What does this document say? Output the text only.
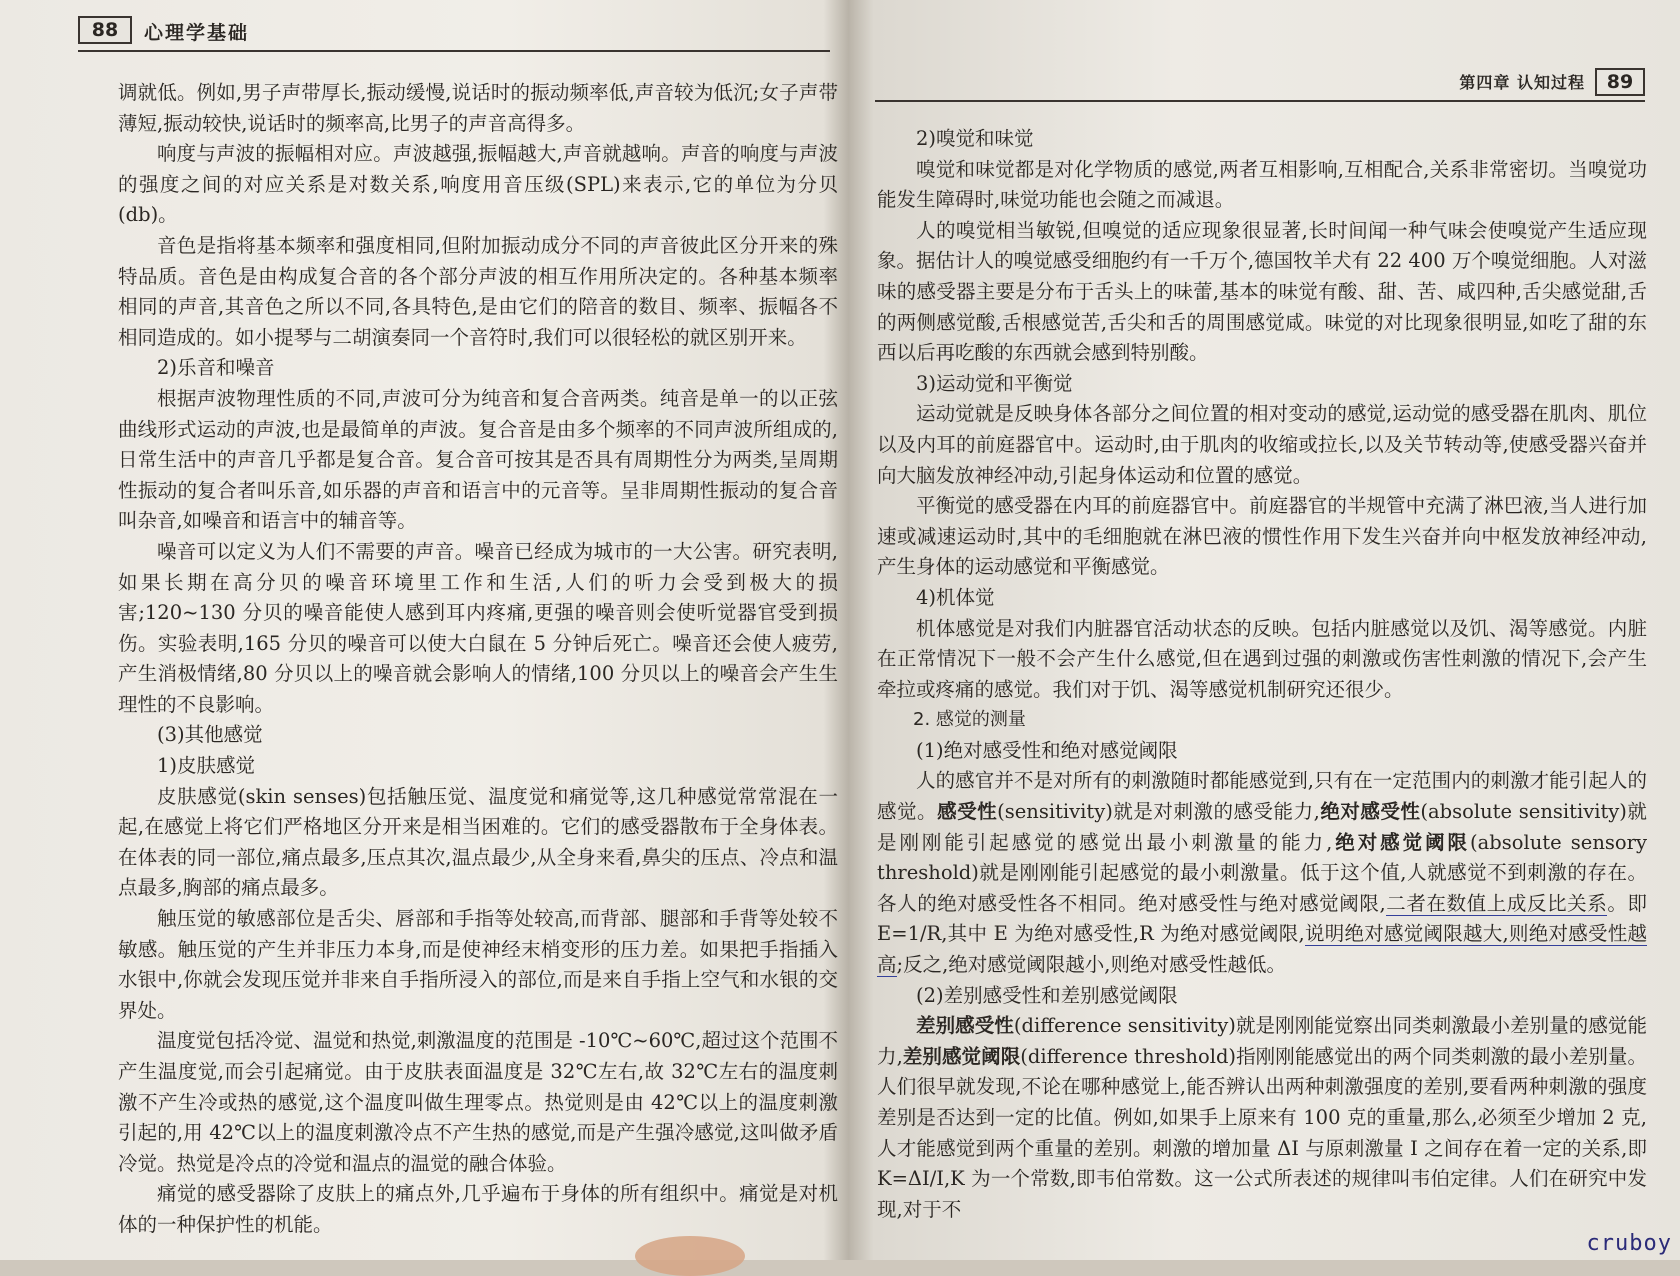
88	心理学基础

调就低。例如,男子声带厚长,振动缓慢,说话时的振动频率低,声音较为低沉;女子声带薄短,振动较快,说话时的频率高,比男子的声音高得多。

响度与声波的振幅相对应。声波越强,振幅越大,声音就越响。声音的响度与声波的强度之间的对应关系是对数关系,响度用音压级(SPL)来表示,它的单位为分贝(db)。

音色是指将基本频率和强度相同,但附加振动成分不同的声音彼此区分开来的殊特品质。音色是由构成复合音的各个部分声波的相互作用所决定的。各种基本频率相同的声音,其音色之所以不同,各具特色,是由它们的陪音的数目、频率、振幅各不相同造成的。如小提琴与二胡演奏同一个音符时,我们可以很轻松的就区别开来。

2)乐音和噪音

根据声波物理性质的不同,声波可分为纯音和复合音两类。纯音是单一的以正弦曲线形式运动的声波,也是最简单的声波。复合音是由多个频率的不同声波所组成的,日常生活中的声音几乎都是复合音。复合音可按其是否具有周期性分为两类,呈周期性振动的复合者叫乐音,如乐器的声音和语言中的元音等。呈非周期性振动的复合音叫杂音,如噪音和语言中的辅音等。

噪音可以定义为人们不需要的声音。噪音已经成为城市的一大公害。研究表明,如果长期在高分贝的噪音环境里工作和生活,人们的听力会受到极大的损害;120~130 分贝的噪音能使人感到耳内疼痛,更强的噪音则会使听觉器官受到损伤。实验表明,165 分贝的噪音可以使大白鼠在 5 分钟后死亡。噪音还会使人疲劳,产生消极情绪,80 分贝以上的噪音就会影响人的情绪,100 分贝以上的噪音会产生生理性的不良影响。

(3)其他感觉

1)皮肤感觉

皮肤感觉(skin senses)包括触压觉、温度觉和痛觉等,这几种感觉常常混在一起,在感觉上将它们严格地区分开来是相当困难的。它们的感受器散布于全身体表。在体表的同一部位,痛点最多,压点其次,温点最少,从全身来看,鼻尖的压点、冷点和温点最多,胸部的痛点最多。

触压觉的敏感部位是舌尖、唇部和手指等处较高,而背部、腿部和手背等处较不敏感。触压觉的产生并非压力本身,而是使神经末梢变形的压力差。如果把手指插入水银中,你就会发现压觉并非来自手指所浸入的部位,而是来自手指上空气和水银的交界处。

温度觉包括冷觉、温觉和热觉,刺激温度的范围是 -10℃~60℃,超过这个范围不产生温度觉,而会引起痛觉。由于皮肤表面温度是 32℃左右,故 32℃左右的温度刺激不产生冷或热的感觉,这个温度叫做生理零点。热觉则是由 42℃以上的温度刺激引起的,用 42℃以上的温度刺激冷点不产生热的感觉,而是产生强冷感觉,这叫做矛盾冷觉。热觉是冷点的冷觉和温点的温觉的融合体验。

痛觉的感受器除了皮肤上的痛点外,几乎遍布于身体的所有组织中。痛觉是对机体的一种保护性的机能。

第四章 认知过程	89

2)嗅觉和味觉

嗅觉和味觉都是对化学物质的感觉,两者互相影响,互相配合,关系非常密切。当嗅觉功能发生障碍时,味觉功能也会随之而减退。

人的嗅觉相当敏锐,但嗅觉的适应现象很显著,长时间闻一种气味会使嗅觉产生适应现象。据估计人的嗅觉感受细胞约有一千万个,德国牧羊犬有 22 400 万个嗅觉细胞。人对滋味的感受器主要是分布于舌头上的味蕾,基本的味觉有酸、甜、苦、咸四种,舌尖感觉甜,舌的两侧感觉酸,舌根感觉苦,舌尖和舌的周围感觉咸。味觉的对比现象很明显,如吃了甜的东西以后再吃酸的东西就会感到特别酸。

3)运动觉和平衡觉

运动觉就是反映身体各部分之间位置的相对变动的感觉,运动觉的感受器在肌肉、肌位以及内耳的前庭器官中。运动时,由于肌肉的收缩或拉长,以及关节转动等,使感受器兴奋并向大脑发放神经冲动,引起身体运动和位置的感觉。

平衡觉的感受器在内耳的前庭器官中。前庭器官的半规管中充满了淋巴液,当人进行加速或减速运动时,其中的毛细胞就在淋巴液的惯性作用下发生兴奋并向中枢发放神经冲动,产生身体的运动感觉和平衡感觉。

4)机体觉

机体感觉是对我们内脏器官活动状态的反映。包括内脏感觉以及饥、渴等感觉。内脏在正常情况下一般不会产生什么感觉,但在遇到过强的刺激或伤害性刺激的情况下,会产生牵拉或疼痛的感觉。我们对于饥、渴等感觉机制研究还很少。

2. 感觉的测量

(1)绝对感受性和绝对感觉阈限

人的感官并不是对所有的刺激随时都能感觉到,只有在一定范围内的刺激才能引起人的感觉。感受性(sensitivity)就是对刺激的感受能力,绝对感受性(absolute sensitivity)就是刚刚能引起感觉的感觉出最小刺激量的能力,绝对感觉阈限(absolute sensory threshold)就是刚刚能引起感觉的最小刺激量。低于这个值,人就感觉不到刺激的存在。各人的绝对感受性各不相同。绝对感受性与绝对感觉阈限,二者在数值上成反比关系。即 E=1/R,其中 E 为绝对感受性,R 为绝对感觉阈限,说明绝对感觉阈限越大,则绝对感受性越高;反之,绝对感觉阈限越小,则绝对感受性越低。

(2)差别感受性和差别感觉阈限

差别感受性(difference sensitivity)就是刚刚能觉察出同类刺激最小差别量的感觉能力,差别感觉阈限(difference threshold)指刚刚能感觉出的两个同类刺激的最小差别量。人们很早就发现,不论在哪种感觉上,能否辨认出两种刺激强度的差别,要看两种刺激的强度差别是否达到一定的比值。例如,如果手上原来有 100 克的重量,那么,必须至少增加 2 克,人才能感觉到两个重量的差别。刺激的增加量 ΔI 与原刺激量 I 之间存在着一定的关系,即 K=ΔI/I,K 为一个常数,即韦伯常数。这一公式所表述的规律叫韦伯定律。人们在研究中发现,对于不

cruboy
